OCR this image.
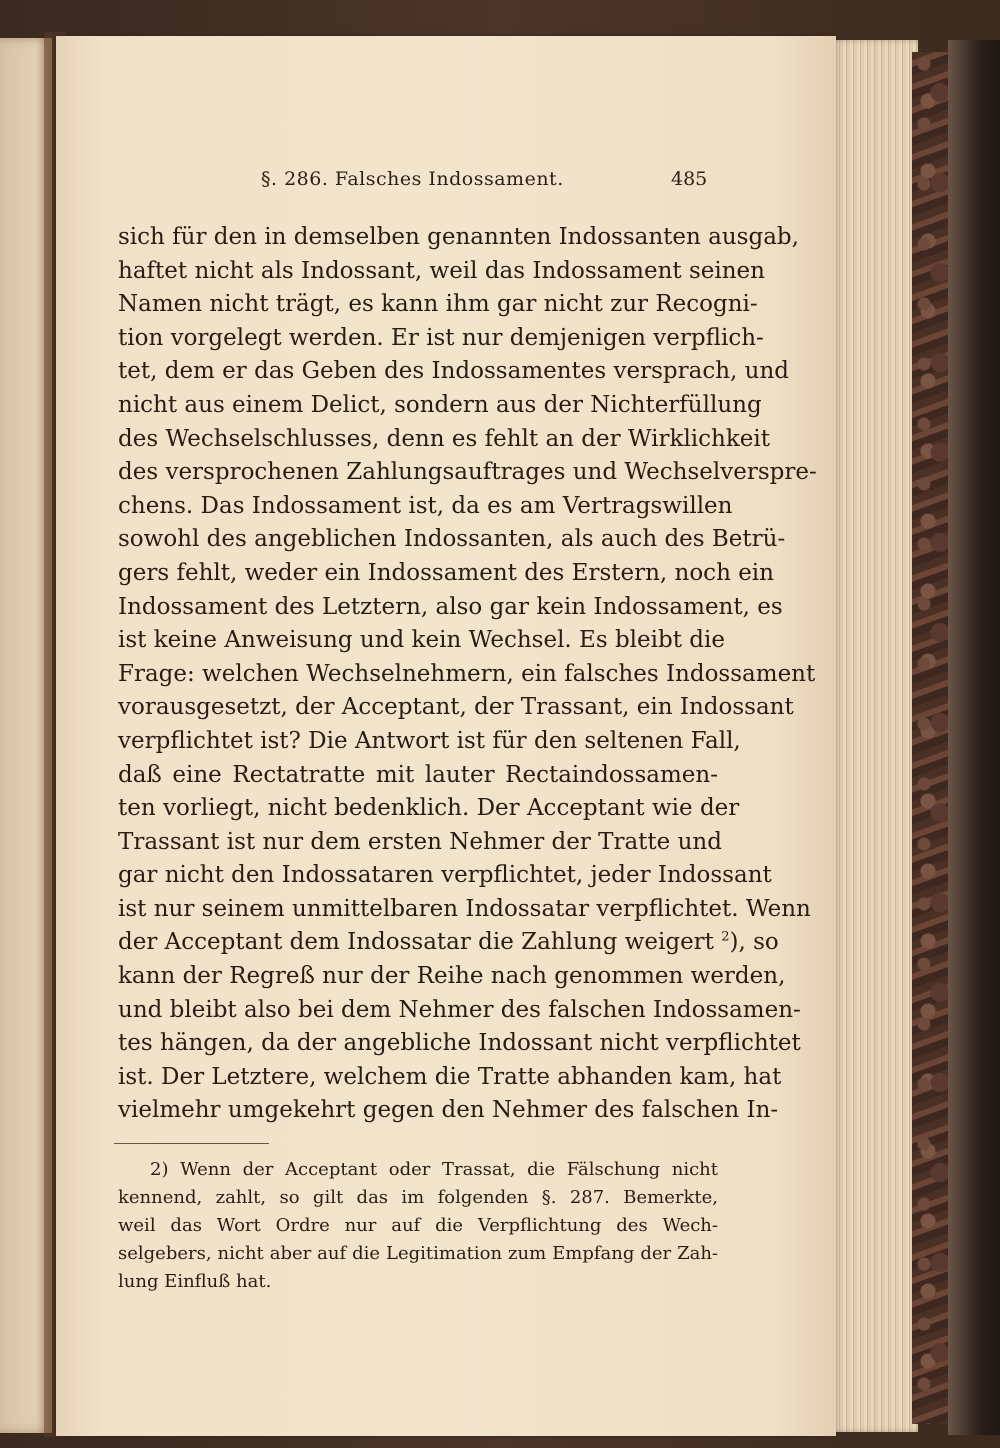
§. 286. Falsches Indossament.	485
sich für den in demselben genannten Indossanten ausgab,
haftet nicht als Indossant, weil das Indossament seinen
Namen nicht trägt, es kann ihm gar nicht zur Recogni-
tion vorgelegt werden. Er ist nur demjenigen verpflich-
tet, dem er das Geben des Indossamentes versprach, und
nicht aus einem Delict, sondern aus der Nichterfüllung
des Wechselschlusses, denn es fehlt an der Wirklichkeit
des versprochenen Zahlungsauftrages und Wechselverspre-
chens. Das Indossament ist, da es am Vertragswillen
sowohl des angeblichen Indossanten, als auch des Betrü-
gers fehlt, weder ein Indossament des Erstern, noch ein
Indossament des Letztern, also gar kein Indossament, es
ist keine Anweisung und kein Wechsel. Es bleibt die
Frage: welchen Wechselnehmern, ein falsches Indossament
vorausgesetzt, der Acceptant, der Trassant, ein Indossant
verpflichtet ist? Die Antwort ist für den seltenen Fall,
daß eine Rectatratte mit lauter Rectaindossamen-
ten vorliegt, nicht bedenklich. Der Acceptant wie der
Trassant ist nur dem ersten Nehmer der Tratte und
gar nicht den Indossataren verpflichtet, jeder Indossant
ist nur seinem unmittelbaren Indossatar verpflichtet. Wenn
der Acceptant dem Indossatar die Zahlung weigert $^2$), so
kann der Regreß nur der Reihe nach genommen werden,
und bleibt also bei dem Nehmer des falschen Indossamen-
tes hängen, da der angebliche Indossant nicht verpflichtet
ist. Der Letztere, welchem die Tratte abhanden kam, hat
vielmehr umgekehrt gegen den Nehmer des falschen In-
2) Wenn der Acceptant oder Trassat, die Fälschung nicht
kennend, zahlt, so gilt das im folgenden §. 287. Bemerkte,
weil das Wort Ordre nur auf die Verpflichtung des Wech-
selgebers, nicht aber auf die Legitimation zum Empfang der Zah-
lung Einfluß hat.
